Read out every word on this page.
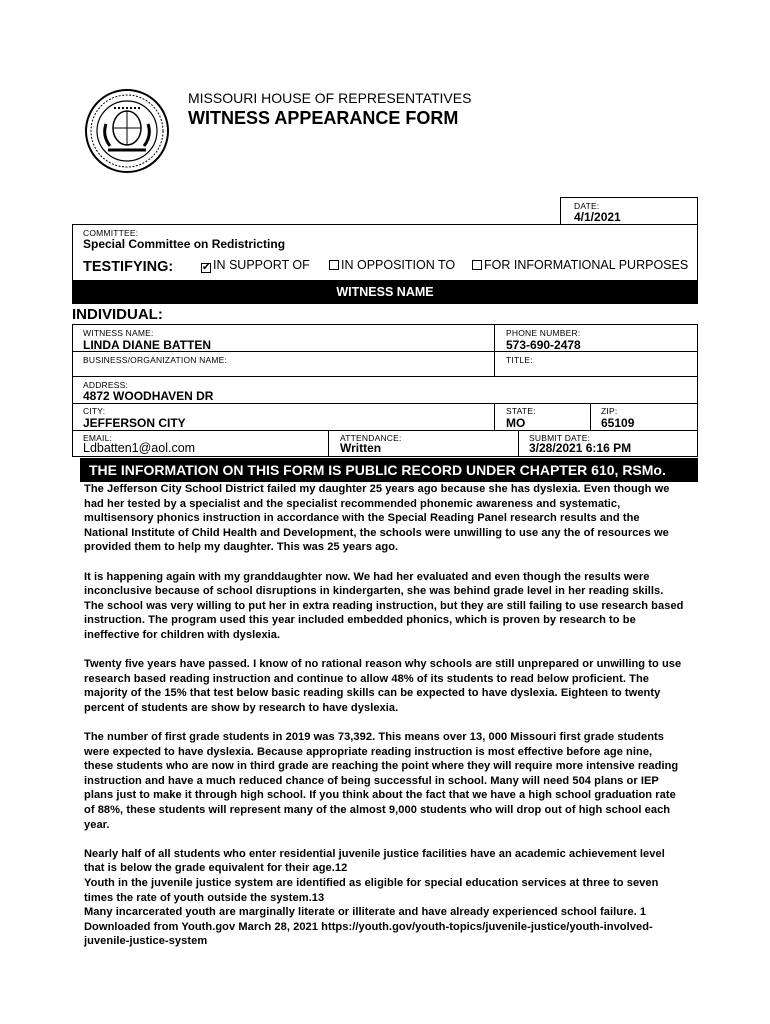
MISSOURI HOUSE OF REPRESENTATIVES
WITNESS APPEARANCE FORM
DATE:
4/1/2021
COMMITTEE:
Special Committee on Redistricting
TESTIFYING:	✔ IN SUPPORT OF	IN OPPOSITION TO	FOR INFORMATIONAL PURPOSES
WITNESS NAME
INDIVIDUAL:
WITNESS NAME:
LINDA DIANE BATTEN
PHONE NUMBER:
573-690-2478
BUSINESS/ORGANIZATION NAME:	TITLE:
ADDRESS:
4872 WOODHAVEN DR
CITY:
JEFFERSON CITY
STATE:
MO
ZIP:
65109
EMAIL:
Ldbatten1@aol.com
ATTENDANCE:
Written
SUBMIT DATE:
3/28/2021 6:16 PM
THE INFORMATION ON THIS FORM IS PUBLIC RECORD UNDER CHAPTER 610, RSMo.

The Jefferson City School District failed my daughter 25 years ago because she has dyslexia. Even though we had her tested by a specialist and the specialist recommended phonemic awareness and systematic, multisensory phonics instruction in accordance with the Special Reading Panel research results and the National Institute of Child Health and Development, the schools were unwilling to use any the of resources we provided them to help my daughter. This was 25 years ago.

It is happening again with my granddaughter now. We had her evaluated and even though the results were inconclusive because of school disruptions in kindergarten, she was behind grade level in her reading skills. The school was very willing to put her in extra reading instruction, but they are still failing to use research based instruction. The program used this year included embedded phonics, which is proven by research to be ineffective for children with dyslexia.

Twenty five years have passed. I know of no rational reason why schools are still unprepared or unwilling to use research based reading instruction and continue to allow 48% of its students to read below proficient. The majority of the 15% that test below basic reading skills can be expected to have dyslexia. Eighteen to twenty percent of students are show by research to have dyslexia.

The number of first grade students in 2019 was 73,392. This means over 13, 000 Missouri first grade students were expected to have dyslexia. Because appropriate reading instruction is most effective before age nine, these students who are now in third grade are reaching the point where they will require more intensive reading instruction and have a much reduced chance of being successful in school. Many will need 504 plans or IEP plans just to make it through high school. If you think about the fact that we have a high school graduation rate of 88%, these students will represent many of the almost 9,000 students who will drop out of high school each year.

Nearly half of all students who enter residential juvenile justice facilities have an academic achievement level that is below the grade equivalent for their age.12
Youth in the juvenile justice system are identified as eligible for special education services at three to seven times the rate of youth outside the system.13
Many incarcerated youth are marginally literate or illiterate and have already experienced school failure. 1
Downloaded from Youth.gov March 28, 2021 https://youth.gov/youth-topics/juvenile-justice/youth-involved-juvenile-justice-system
